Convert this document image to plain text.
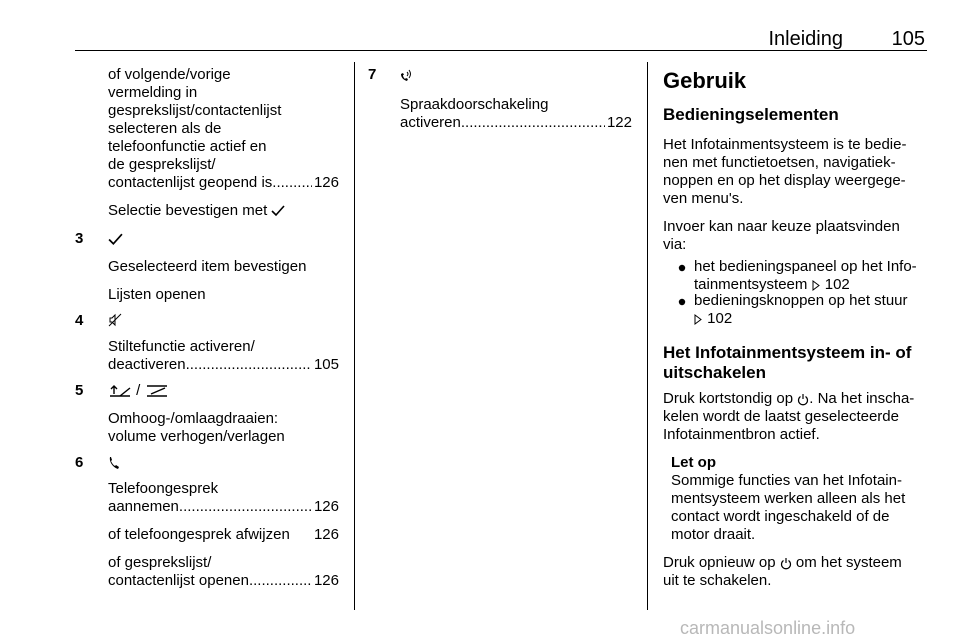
Inleiding 105
of volgende/vorige
vermelding in
gesprekslijst/contactenlijst
selecteren als de
telefoonfunctie actief en
de gesprekslijst/
contactenlijst geopend is .....	126
Selectie bevestigen met
3
Geselecteerd item bevestigen
Lijsten openen
4
Stiltefunctie activeren/
deactiveren .....	105
5	/
Omhoog-/omlaagdraaien:
volume verhogen/verlagen
6
Telefoongesprek
aannemen .....	126
of telefoongesprek afwijzen 126
of gesprekslijst/
contactenlijst openen .....	126
7
Spraakdoorschakeling
activeren .....	122
Gebruik
Bedieningselementen
Het Infotainmentsysteem is te bedie-
nen met functietoetsen, navigatiek-
noppen en op het display weergege-
ven menu's.
Invoer kan naar keuze plaatsvinden
via:
het bedieningspaneel op het Info-
tainmentsysteem 102
bedieningsknoppen op het stuur
102
Het Infotainmentsysteem in- of
uitschakelen
Druk kortstondig op . Na het inscha-
kelen wordt de laatst geselecteerde
Infotainmentbron actief.
Let op
Sommige functies van het Infotain-
mentsysteem werken alleen als het
contact wordt ingeschakeld of de
motor draait.
Druk opnieuw op om het systeem
uit te schakelen.
carmanualsonline.info
